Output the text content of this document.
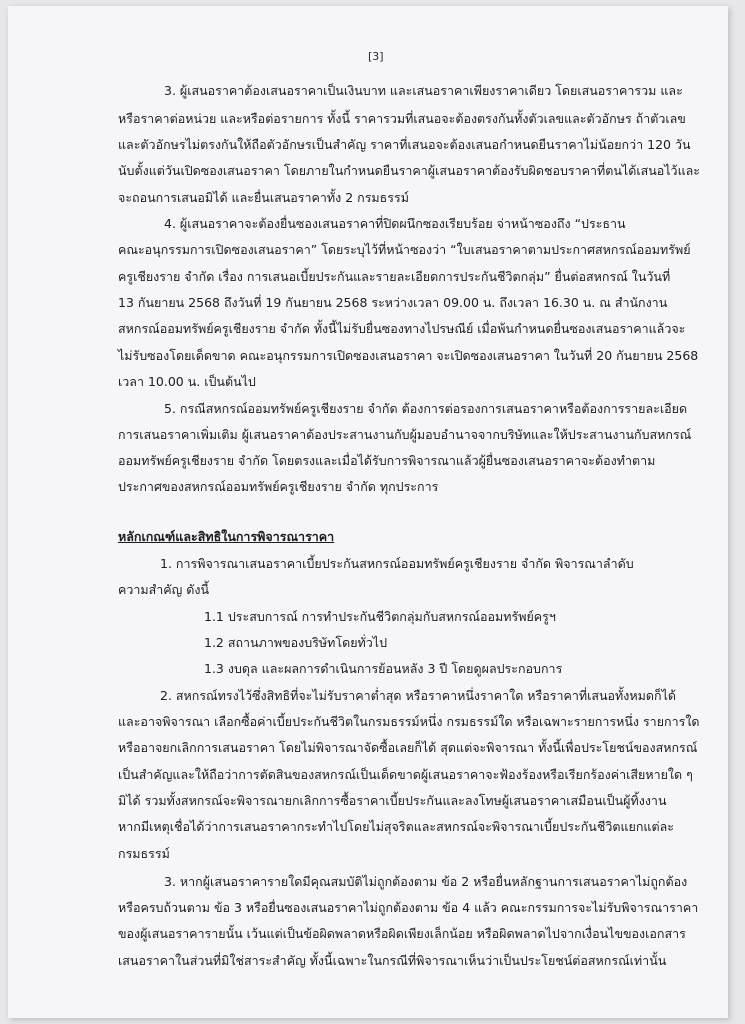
[3]
3. ผู้เสนอราคาต้องเสนอราคาเป็นเงินบาท และเสนอราคาเพียงราคาเดียว โดยเสนอราคารวม และ
หรือราคาต่อหน่วย และหรือต่อรายการ ทั้งนี้ ราคารวมที่เสนอจะต้องตรงกันทั้งตัวเลขและตัวอักษร ถ้าตัวเลข
และตัวอักษรไม่ตรงกันให้ถือตัวอักษรเป็นสำคัญ ราคาที่เสนอจะต้องเสนอกำหนดยืนราคาไม่น้อยกว่า 120 วัน
นับตั้งแต่วันเปิดซองเสนอราคา โดยภายในกำหนดยืนราคาผู้เสนอราคาต้องรับผิดชอบราคาที่ตนได้เสนอไว้และ
จะถอนการเสนอมิได้ และยื่นเสนอราคาทั้ง 2 กรมธรรม์
4. ผู้เสนอราคาจะต้องยื่นซองเสนอราคาที่ปิดผนึกซองเรียบร้อย จ่าหน้าซองถึง “ประธาน
คณะอนุกรรมการเปิดซองเสนอราคา” โดยระบุไว้ที่หน้าซองว่า “ใบเสนอราคาตามประกาศสหกรณ์ออมทรัพย์
ครูเชียงราย จำกัด เรื่อง การเสนอเบี้ยประกันและรายละเอียดการประกันชีวิตกลุ่ม” ยื่นต่อสหกรณ์ ในวันที่
13 กันยายน 2568 ถึงวันที่ 19 กันยายน 2568 ระหว่างเวลา 09.00 น. ถึงเวลา 16.30 น. ณ สำนักงาน
สหกรณ์ออมทรัพย์ครูเชียงราย จำกัด ทั้งนี้ไม่รับยื่นซองทางไปรษณีย์ เมื่อพ้นกำหนดยื่นซองเสนอราคาแล้วจะ
ไม่รับซองโดยเด็ดขาด คณะอนุกรรมการเปิดซองเสนอราคา จะเปิดซองเสนอราคา ในวันที่ 20 กันยายน 2568
เวลา 10.00 น. เป็นต้นไป
5. กรณีสหกรณ์ออมทรัพย์ครูเชียงราย จำกัด ต้องการต่อรองการเสนอราคาหรือต้องการรายละเอียด
การเสนอราคาเพิ่มเติม ผู้เสนอราคาต้องประสานงานกับผู้มอบอำนาจจากบริษัทและให้ประสานงานกับสหกรณ์
ออมทรัพย์ครูเชียงราย จำกัด โดยตรงและเมื่อได้รับการพิจารณาแล้วผู้ยื่นซองเสนอราคาจะต้องทำตาม
ประกาศของสหกรณ์ออมทรัพย์ครูเชียงราย จำกัด ทุกประการ
หลักเกณฑ์และสิทธิในการพิจารณาราคา
1. การพิจารณาเสนอราคาเบี้ยประกันสหกรณ์ออมทรัพย์ครูเชียงราย จำกัด พิจารณาลำดับ
ความสำคัญ ดังนี้
1.1 ประสบการณ์ การทำประกันชีวิตกลุ่มกับสหกรณ์ออมทรัพย์ครูฯ
1.2 สถานภาพของบริษัทโดยทั่วไป
1.3 งบดุล และผลการดำเนินการย้อนหลัง 3 ปี โดยดูผลประกอบการ
2. สหกรณ์ทรงไว้ซึ่งสิทธิที่จะไม่รับราคาต่ำสุด หรือราคาหนึ่งราคาใด หรือราคาที่เสนอทั้งหมดก็ได้
และอาจพิจารณา เลือกซื้อค่าเบี้ยประกันชีวิตในกรมธรรม์หนึ่ง กรมธรรม์ใด หรือเฉพาะรายการหนึ่ง รายการใด
หรืออาจยกเลิกการเสนอราคา โดยไม่พิจารณาจัดซื้อเลยก็ได้ สุดแต่จะพิจารณา ทั้งนี้เพื่อประโยชน์ของสหกรณ์
เป็นสำคัญและให้ถือว่าการตัดสินของสหกรณ์เป็นเด็ดขาดผู้เสนอราคาจะฟ้องร้องหรือเรียกร้องค่าเสียหายใด ๆ
มิได้ รวมทั้งสหกรณ์จะพิจารณายกเลิกการซื้อราคาเบี้ยประกันและลงโทษผู้เสนอราคาเสมือนเป็นผู้ทิ้งงาน
หากมีเหตุเชื่อได้ว่าการเสนอราคากระทำไปโดยไม่สุจริตและสหกรณ์จะพิจารณาเบี้ยประกันชีวิตแยกแต่ละ
กรมธรรม์
3. หากผู้เสนอราคารายใดมีคุณสมบัติไม่ถูกต้องตาม ข้อ 2 หรือยื่นหลักฐานการเสนอราคาไม่ถูกต้อง
หรือครบถ้วนตาม ข้อ 3 หรือยื่นซองเสนอราคาไม่ถูกต้องตาม ข้อ 4 แล้ว คณะกรรมการจะไม่รับพิจารณาราคา
ของผู้เสนอราคารายนั้น เว้นแต่เป็นข้อผิดพลาดหรือผิดเพียงเล็กน้อย หรือผิดพลาดไปจากเงื่อนไขของเอกสาร
เสนอราคาในส่วนที่มิใช่สาระสำคัญ ทั้งนี้เฉพาะในกรณีที่พิจารณาเห็นว่าเป็นประโยชน์ต่อสหกรณ์เท่านั้น
